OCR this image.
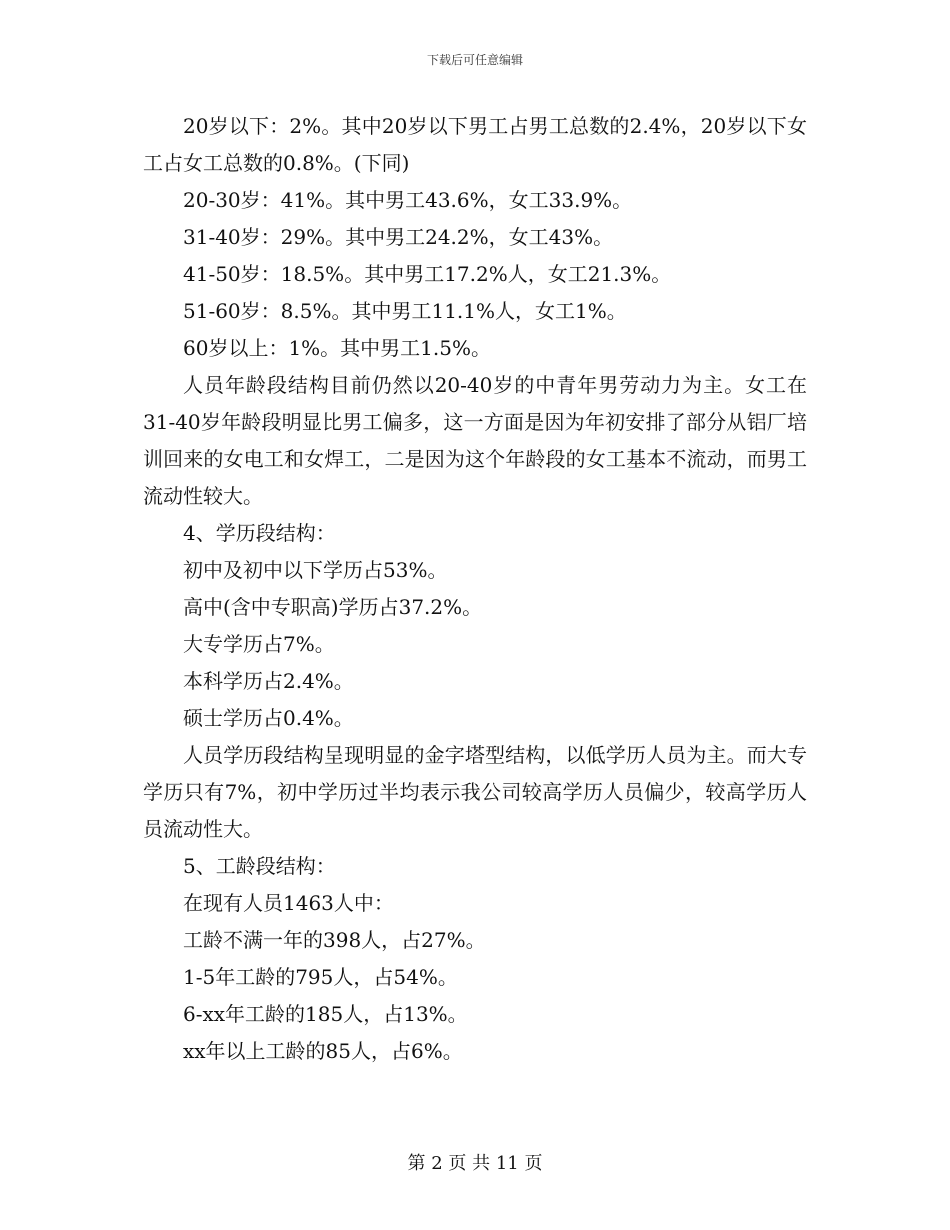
下载后可任意编辑

20岁以下：2%。其中20岁以下男工占男工总数的2.4%，20岁以下女工占女工总数的0.8%。(下同)

20-30岁：41%。其中男工43.6%，女工33.9%。

31-40岁：29%。其中男工24.2%，女工43%。

41-50岁：18.5%。其中男工17.2%人，女工21.3%。

51-60岁：8.5%。其中男工11.1%人，女工1%。

60岁以上：1%。其中男工1.5%。

人员年龄段结构目前仍然以20-40岁的中青年男劳动力为主。女工在31-40岁年龄段明显比男工偏多，这一方面是因为年初安排了部分从铝厂培训回来的女电工和女焊工，二是因为这个年龄段的女工基本不流动，而男工流动性较大。

4、学历段结构：

初中及初中以下学历占53%。

高中(含中专职高)学历占37.2%。

大专学历占7%。

本科学历占2.4%。

硕士学历占0.4%。

人员学历段结构呈现明显的金字塔型结构，以低学历人员为主。而大专学历只有7%，初中学历过半均表示我公司较高学历人员偏少，较高学历人员流动性大。

5、工龄段结构：

在现有人员1463人中：

工龄不满一年的398人，占27%。

1-5年工龄的795人，占54%。

6-xx年工龄的185人，占13%。

xx年以上工龄的85人，占6%。

第 2 页 共 11 页
